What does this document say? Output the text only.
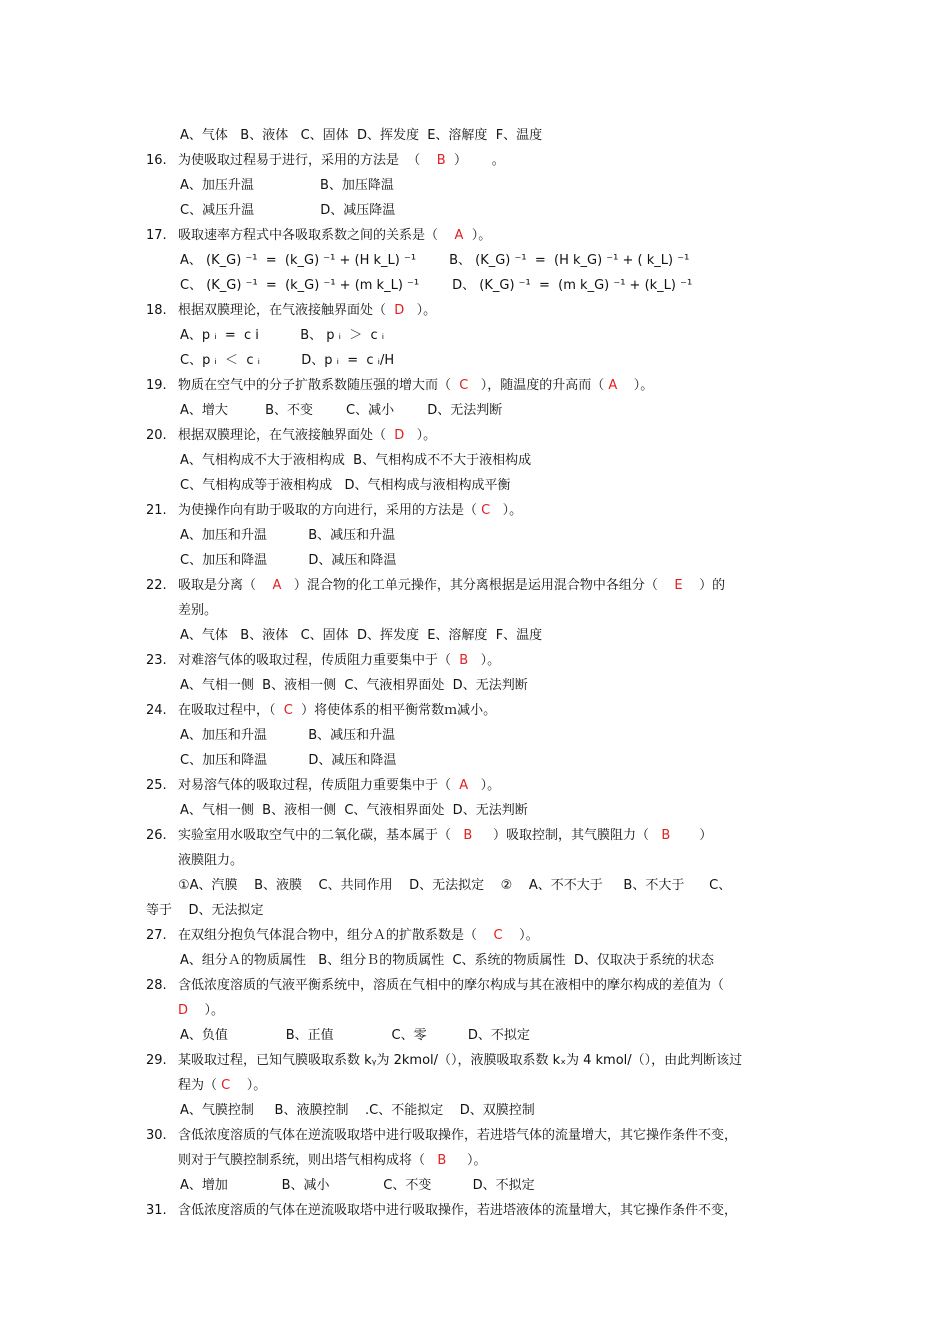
A、气体   B、液体   C、固体  D、挥发度  E、溶解度  F、温度
16. 为使吸取过程易于进行，采用的方法是  （    B  ）      。
A、加压升温                B、加压降温
C、减压升温                D、减压降温
17. 吸取速率方程式中各吸取系数之间的关系是（    A  ）。
A、 (K_G) ⁻¹  =  (k_G) ⁻¹ + (H k_L) ⁻¹        B、 (K_G) ⁻¹  =  (H k_G) ⁻¹ + ( k_L) ⁻¹
C、 (K_G) ⁻¹  =  (k_G) ⁻¹ + (m k_L) ⁻¹        D、 (K_G) ⁻¹  =  (m k_G) ⁻¹ + (k_L) ⁻¹
18. 根据双膜理论，在气液接触界面处（  D   ）。
A、p ᵢ  =  c i          B、 p ᵢ  ＞  c ᵢ
C、p ᵢ  ＜  c ᵢ          D、p ᵢ  =  c ᵢ/H
19. 物质在空气中的分子扩散系数随压强的增大而（  C   ），随温度的升高而（ A    ）。
A、增大         B、不变        C、减小        D、无法判断
20. 根据双膜理论，在气液接触界面处（  D   ）。
A、气相构成不大于液相构成  B、气相构成不不大于液相构成
C、气相构成等于液相构成   D、气相构成与液相构成平衡
21. 为使操作向有助于吸取的方向进行，采用的方法是（ C   ）。
A、加压和升温          B、减压和升温
C、加压和降温          D、减压和降温
22. 吸取是分离（    A   ）混合物的化工单元操作，其分离根据是运用混合物中各组分（    E    ）的
差别。
A、气体   B、液体   C、固体  D、挥发度  E、溶解度  F、温度
23. 对难溶气体的吸取过程，传质阻力重要集中于（  B   ）。
A、气相一侧  B、液相一侧  C、气液相界面处  D、无法判断
24. 在吸取过程中，（  C  ）将使体系的相平衡常数ｍ减小。
A、加压和升温          B、减压和升温
C、加压和降温          D、减压和降温
25. 对易溶气体的吸取过程，传质阻力重要集中于（  A   ）。
A、气相一侧  B、液相一侧  C、气液相界面处  D、无法判断
26. 实验室用水吸取空气中的二氧化碳，基本属于（   B     ）吸取控制，其气膜阻力（   B       ）
液膜阻力。
①A、汽膜    B、液膜    C、共同作用    D、无法拟定    ②    A、不不大于     B、不大于      C、
等于    D、无法拟定
27. 在双组分抱负气体混合物中，组分Ａ的扩散系数是（    C    ）。
A、组分Ａ的物质属性   B、组分Ｂ的物质属性  C、系统的物质属性  D、仅取决于系统的状态
28. 含低浓度溶质的气液平衡系统中，溶质在气相中的摩尔构成与其在液相中的摩尔构成的差值为（
D    ）。
A、负值              B、正值              C、零          D、不拟定
29. 某吸取过程，已知气膜吸取系数 kᵧ为 2kmol/（），液膜吸取系数 kₓ为 4 kmol/（），由此判断该过
程为（ C    ）。
A、气膜控制     B、液膜控制    .C、不能拟定    D、双膜控制
30. 含低浓度溶质的气体在逆流吸取塔中进行吸取操作，若进塔气体的流量增大，其它操作条件不变，
则对于气膜控制系统，则出塔气相构成将（   B     ）。
A、增加             B、减小             C、不变          D、不拟定
31. 含低浓度溶质的气体在逆流吸取塔中进行吸取操作，若进塔液体的流量增大，其它操作条件不变，
